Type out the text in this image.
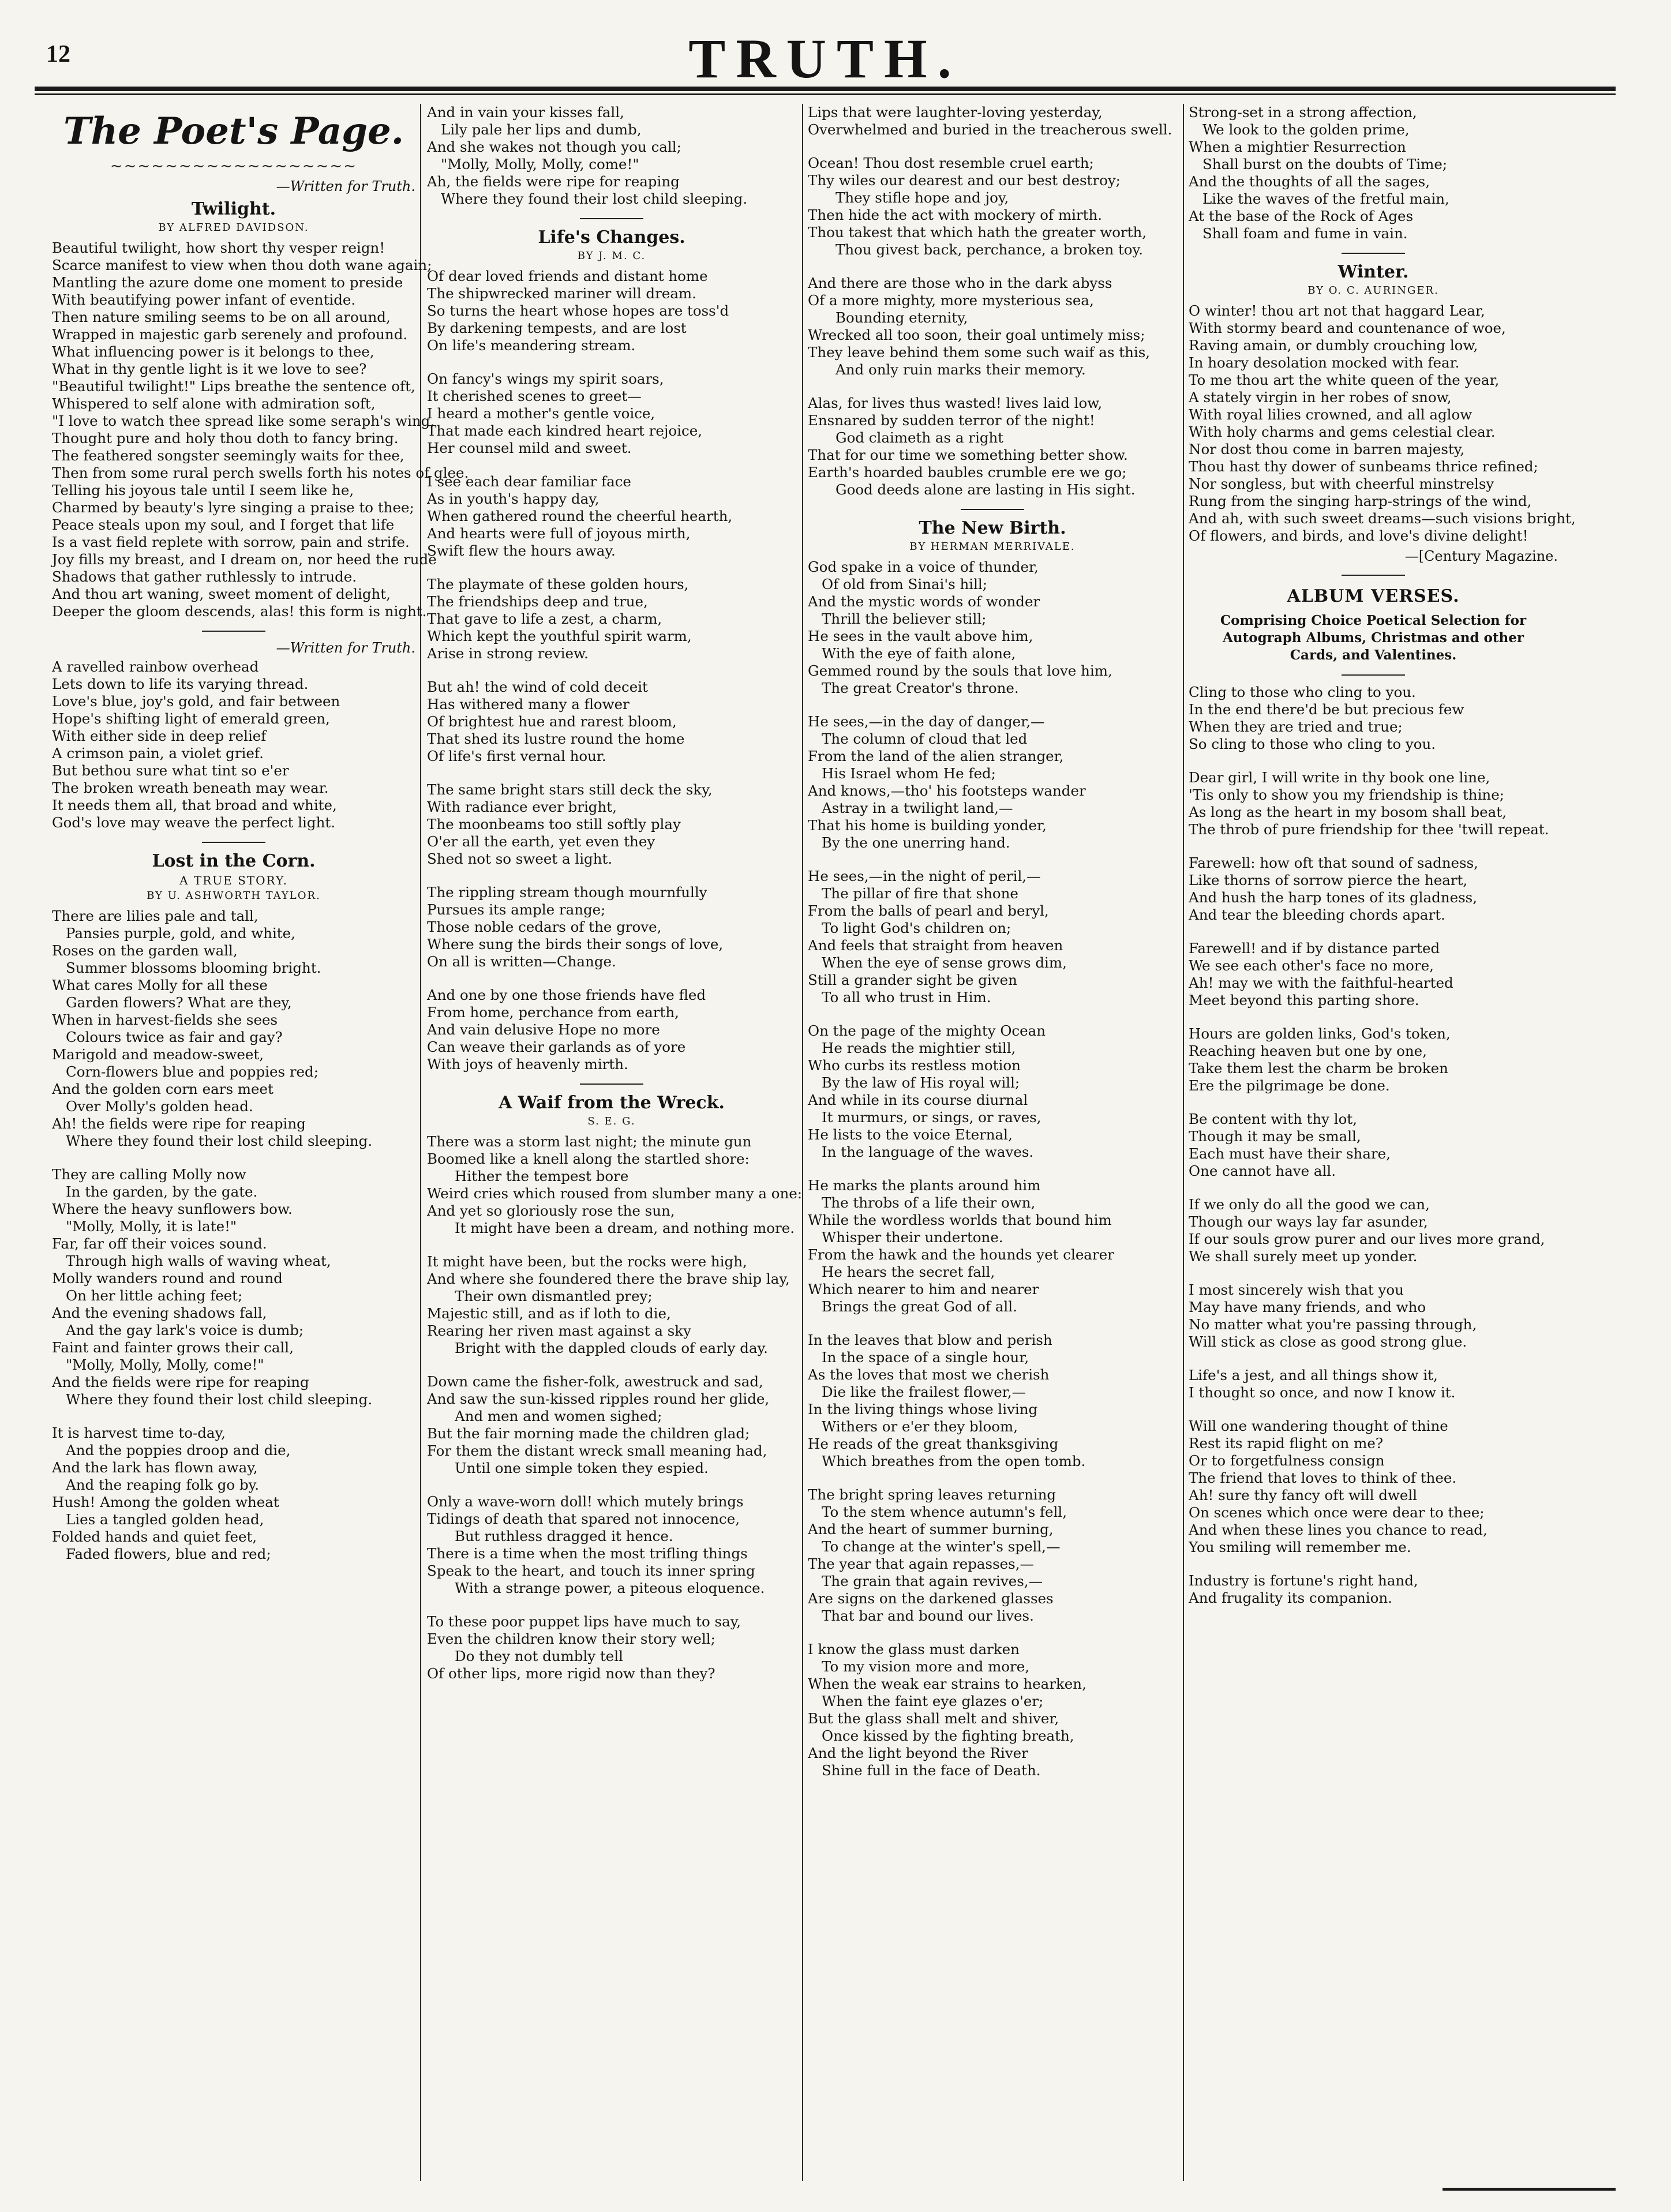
12	TRUTH.
The Poet's Page.
~~~~~~~~~~~~~~~~~~
—Written for Truth.
Twilight.
BY ALFRED DAVIDSON.
Beautiful twilight, how short thy vesper reign!
Scarce manifest to view when thou doth wane again;
Mantling the azure dome one moment to preside
With beautifying power infant of eventide.
Then nature smiling seems to be on all around,
Wrapped in majestic garb serenely and profound.
What influencing power is it belongs to thee,
What in thy gentle light is it we love to see?
"Beautiful twilight!" Lips breathe the sentence oft,
Whispered to self alone with admiration soft,
"I love to watch thee spread like some seraph's wing,
Thought pure and holy thou doth to fancy bring.
The feathered songster seemingly waits for thee,
Then from some rural perch swells forth his notes of glee.
Telling his joyous tale until I seem like he,
Charmed by beauty's lyre singing a praise to thee;
Peace steals upon my soul, and I forget that life
Is a vast field replete with sorrow, pain and strife.
Joy fills my breast, and I dream on, nor heed the rude
Shadows that gather ruthlessly to intrude.
And thou art waning, sweet moment of delight,
Deeper the gloom descends, alas! this form is night.
—Written for Truth.
A ravelled rainbow overhead
Lets down to life its varying thread.
Love's blue, joy's gold, and fair between
Hope's shifting light of emerald green,
With either side in deep relief
A crimson pain, a violet grief.
But bethou sure what tint so e'er
The broken wreath beneath may wear.
It needs them all, that broad and white,
God's love may weave the perfect light.
Lost in the Corn.
A TRUE STORY.
BY U. ASHWORTH TAYLOR.
There are lilies pale and tall,
Pansies purple, gold, and white,
Roses on the garden wall,
Summer blossoms blooming bright.
What cares Molly for all these
Garden flowers? What are they,
When in harvest-fields she sees
Colours twice as fair and gay?
Marigold and meadow-sweet,
Corn-flowers blue and poppies red;
And the golden corn ears meet
Over Molly's golden head.
Ah! the fields were ripe for reaping
Where they found their lost child sleeping.
They are calling Molly now
In the garden, by the gate.
Where the heavy sunflowers bow.
"Molly, Molly, it is late!"
Far, far off their voices sound.
Through high walls of waving wheat,
Molly wanders round and round
On her little aching feet;
And the evening shadows fall,
And the gay lark's voice is dumb;
Faint and fainter grows their call,
"Molly, Molly, Molly, come!"
And the fields were ripe for reaping
Where they found their lost child sleeping.
It is harvest time to-day,
And the poppies droop and die,
And the lark has flown away,
And the reaping folk go by.
Hush! Among the golden wheat
Lies a tangled golden head,
Folded hands and quiet feet,
Faded flowers, blue and red;
And in vain your kisses fall,
Lily pale her lips and dumb,
And she wakes not though you call;
"Molly, Molly, Molly, come!"
Ah, the fields were ripe for reaping
Where they found their lost child sleeping.
Life's Changes.
BY J. M. C.
Of dear loved friends and distant home
The shipwrecked mariner will dream.
So turns the heart whose hopes are toss'd
By darkening tempests, and are lost
On life's meandering stream.
On fancy's wings my spirit soars,
It cherished scenes to greet—
I heard a mother's gentle voice,
That made each kindred heart rejoice,
Her counsel mild and sweet.
I see each dear familiar face
As in youth's happy day,
When gathered round the cheerful hearth,
And hearts were full of joyous mirth,
Swift flew the hours away.
The playmate of these golden hours,
The friendships deep and true,
That gave to life a zest, a charm,
Which kept the youthful spirit warm,
Arise in strong review.
But ah! the wind of cold deceit
Has withered many a flower
Of brightest hue and rarest bloom,
That shed its lustre round the home
Of life's first vernal hour.
The same bright stars still deck the sky,
With radiance ever bright,
The moonbeams too still softly play
O'er all the earth, yet even they
Shed not so sweet a light.
The rippling stream though mournfully
Pursues its ample range;
Those noble cedars of the grove,
Where sung the birds their songs of love,
On all is written—Change.
And one by one those friends have fled
From home, perchance from earth,
And vain delusive Hope no more
Can weave their garlands as of yore
With joys of heavenly mirth.
A Waif from the Wreck.
S. E. G.
There was a storm last night; the minute gun
Boomed like a knell along the startled shore:
Hither the tempest bore
Weird cries which roused from slumber many a one:
And yet so gloriously rose the sun,
It might have been a dream, and nothing more.
It might have been, but the rocks were high,
And where she foundered there the brave ship lay,
Their own dismantled prey;
Majestic still, and as if loth to die,
Rearing her riven mast against a sky
Bright with the dappled clouds of early day.
Down came the fisher-folk, awestruck and sad,
And saw the sun-kissed ripples round her glide,
And men and women sighed;
But the fair morning made the children glad;
For them the distant wreck small meaning had,
Until one simple token they espied.
Only a wave-worn doll! which mutely brings
Tidings of death that spared not innocence,
But ruthless dragged it hence.
There is a time when the most trifling things
Speak to the heart, and touch its inner spring
With a strange power, a piteous eloquence.
To these poor puppet lips have much to say,
Even the children know their story well;
Do they not dumbly tell
Of other lips, more rigid now than they?
Lips that were laughter-loving yesterday,
Overwhelmed and buried in the treacherous swell.
Ocean! Thou dost resemble cruel earth;
Thy wiles our dearest and our best destroy;
They stifle hope and joy,
Then hide the act with mockery of mirth.
Thou takest that which hath the greater worth,
Thou givest back, perchance, a broken toy.
And there are those who in the dark abyss
Of a more mighty, more mysterious sea,
Bounding eternity,
Wrecked all too soon, their goal untimely miss;
They leave behind them some such waif as this,
And only ruin marks their memory.
Alas, for lives thus wasted! lives laid low,
Ensnared by sudden terror of the night!
God claimeth as a right
That for our time we something better show.
Earth's hoarded baubles crumble ere we go;
Good deeds alone are lasting in His sight.
The New Birth.
BY HERMAN MERRIVALE.
God spake in a voice of thunder,
Of old from Sinai's hill;
And the mystic words of wonder
Thrill the believer still;
He sees in the vault above him,
With the eye of faith alone,
Gemmed round by the souls that love him,
The great Creator's throne.
He sees,—in the day of danger,—
The column of cloud that led
From the land of the alien stranger,
His Israel whom He fed;
And knows,—tho' his footsteps wander
Astray in a twilight land,—
That his home is building yonder,
By the one unerring hand.
He sees,—in the night of peril,—
The pillar of fire that shone
From the balls of pearl and beryl,
To light God's children on;
And feels that straight from heaven
When the eye of sense grows dim,
Still a grander sight be given
To all who trust in Him.
On the page of the mighty Ocean
He reads the mightier still,
Who curbs its restless motion
By the law of His royal will;
And while in its course diurnal
It murmurs, or sings, or raves,
He lists to the voice Eternal,
In the language of the waves.
He marks the plants around him
The throbs of a life their own,
While the wordless worlds that bound him
Whisper their undertone.
From the hawk and the hounds yet clearer
He hears the secret fall,
Which nearer to him and nearer
Brings the great God of all.
In the leaves that blow and perish
In the space of a single hour,
As the loves that most we cherish
Die like the frailest flower,—
In the living things whose living
Withers or e'er they bloom,
He reads of the great thanksgiving
Which breathes from the open tomb.
The bright spring leaves returning
To the stem whence autumn's fell,
And the heart of summer burning,
To change at the winter's spell,—
The year that again repasses,—
The grain that again revives,—
Are signs on the darkened glasses
That bar and bound our lives.
I know the glass must darken
To my vision more and more,
When the weak ear strains to hearken,
When the faint eye glazes o'er;
But the glass shall melt and shiver,
Once kissed by the fighting breath,
And the light beyond the River
Shine full in the face of Death.
Strong-set in a strong affection,
We look to the golden prime,
When a mightier Resurrection
Shall burst on the doubts of Time;
And the thoughts of all the sages,
Like the waves of the fretful main,
At the base of the Rock of Ages
Shall foam and fume in vain.
Winter.
BY O. C. AURINGER.
O winter! thou art not that haggard Lear,
With stormy beard and countenance of woe,
Raving amain, or dumbly crouching low,
In hoary desolation mocked with fear.
To me thou art the white queen of the year,
A stately virgin in her robes of snow,
With royal lilies crowned, and all aglow
With holy charms and gems celestial clear.
Nor dost thou come in barren majesty,
Thou hast thy dower of sunbeams thrice refined;
Nor songless, but with cheerful minstrelsy
Rung from the singing harp-strings of the wind,
And ah, with such sweet dreams—such visions bright,
Of flowers, and birds, and love's divine delight!
—[Century Magazine.
ALBUM VERSES.
Comprising Choice Poetical Selection for Autograph Albums, Christmas and other Cards, and Valentines.
Cling to those who cling to you.
In the end there'd be but precious few
When they are tried and true;
So cling to those who cling to you.
Dear girl, I will write in thy book one line,
'Tis only to show you my friendship is thine;
As long as the heart in my bosom shall beat,
The throb of pure friendship for thee 'twill repeat.
Farewell: how oft that sound of sadness,
Like thorns of sorrow pierce the heart,
And hush the harp tones of its gladness,
And tear the bleeding chords apart.
Farewell! and if by distance parted
We see each other's face no more,
Ah! may we with the faithful-hearted
Meet beyond this parting shore.
Hours are golden links, God's token,
Reaching heaven but one by one,
Take them lest the charm be broken
Ere the pilgrimage be done.
Be content with thy lot,
Though it may be small,
Each must have their share,
One cannot have all.
If we only do all the good we can,
Though our ways lay far asunder,
If our souls grow purer and our lives more grand,
We shall surely meet up yonder.
I most sincerely wish that you
May have many friends, and who
No matter what you're passing through,
Will stick as close as good strong glue.
Life's a jest, and all things show it,
I thought so once, and now I know it.
Will one wandering thought of thine
Rest its rapid flight on me?
Or to forgetfulness consign
The friend that loves to think of thee.
Ah! sure thy fancy oft will dwell
On scenes which once were dear to thee;
And when these lines you chance to read,
You smiling will remember me.
Industry is fortune's right hand,
And frugality its companion.
